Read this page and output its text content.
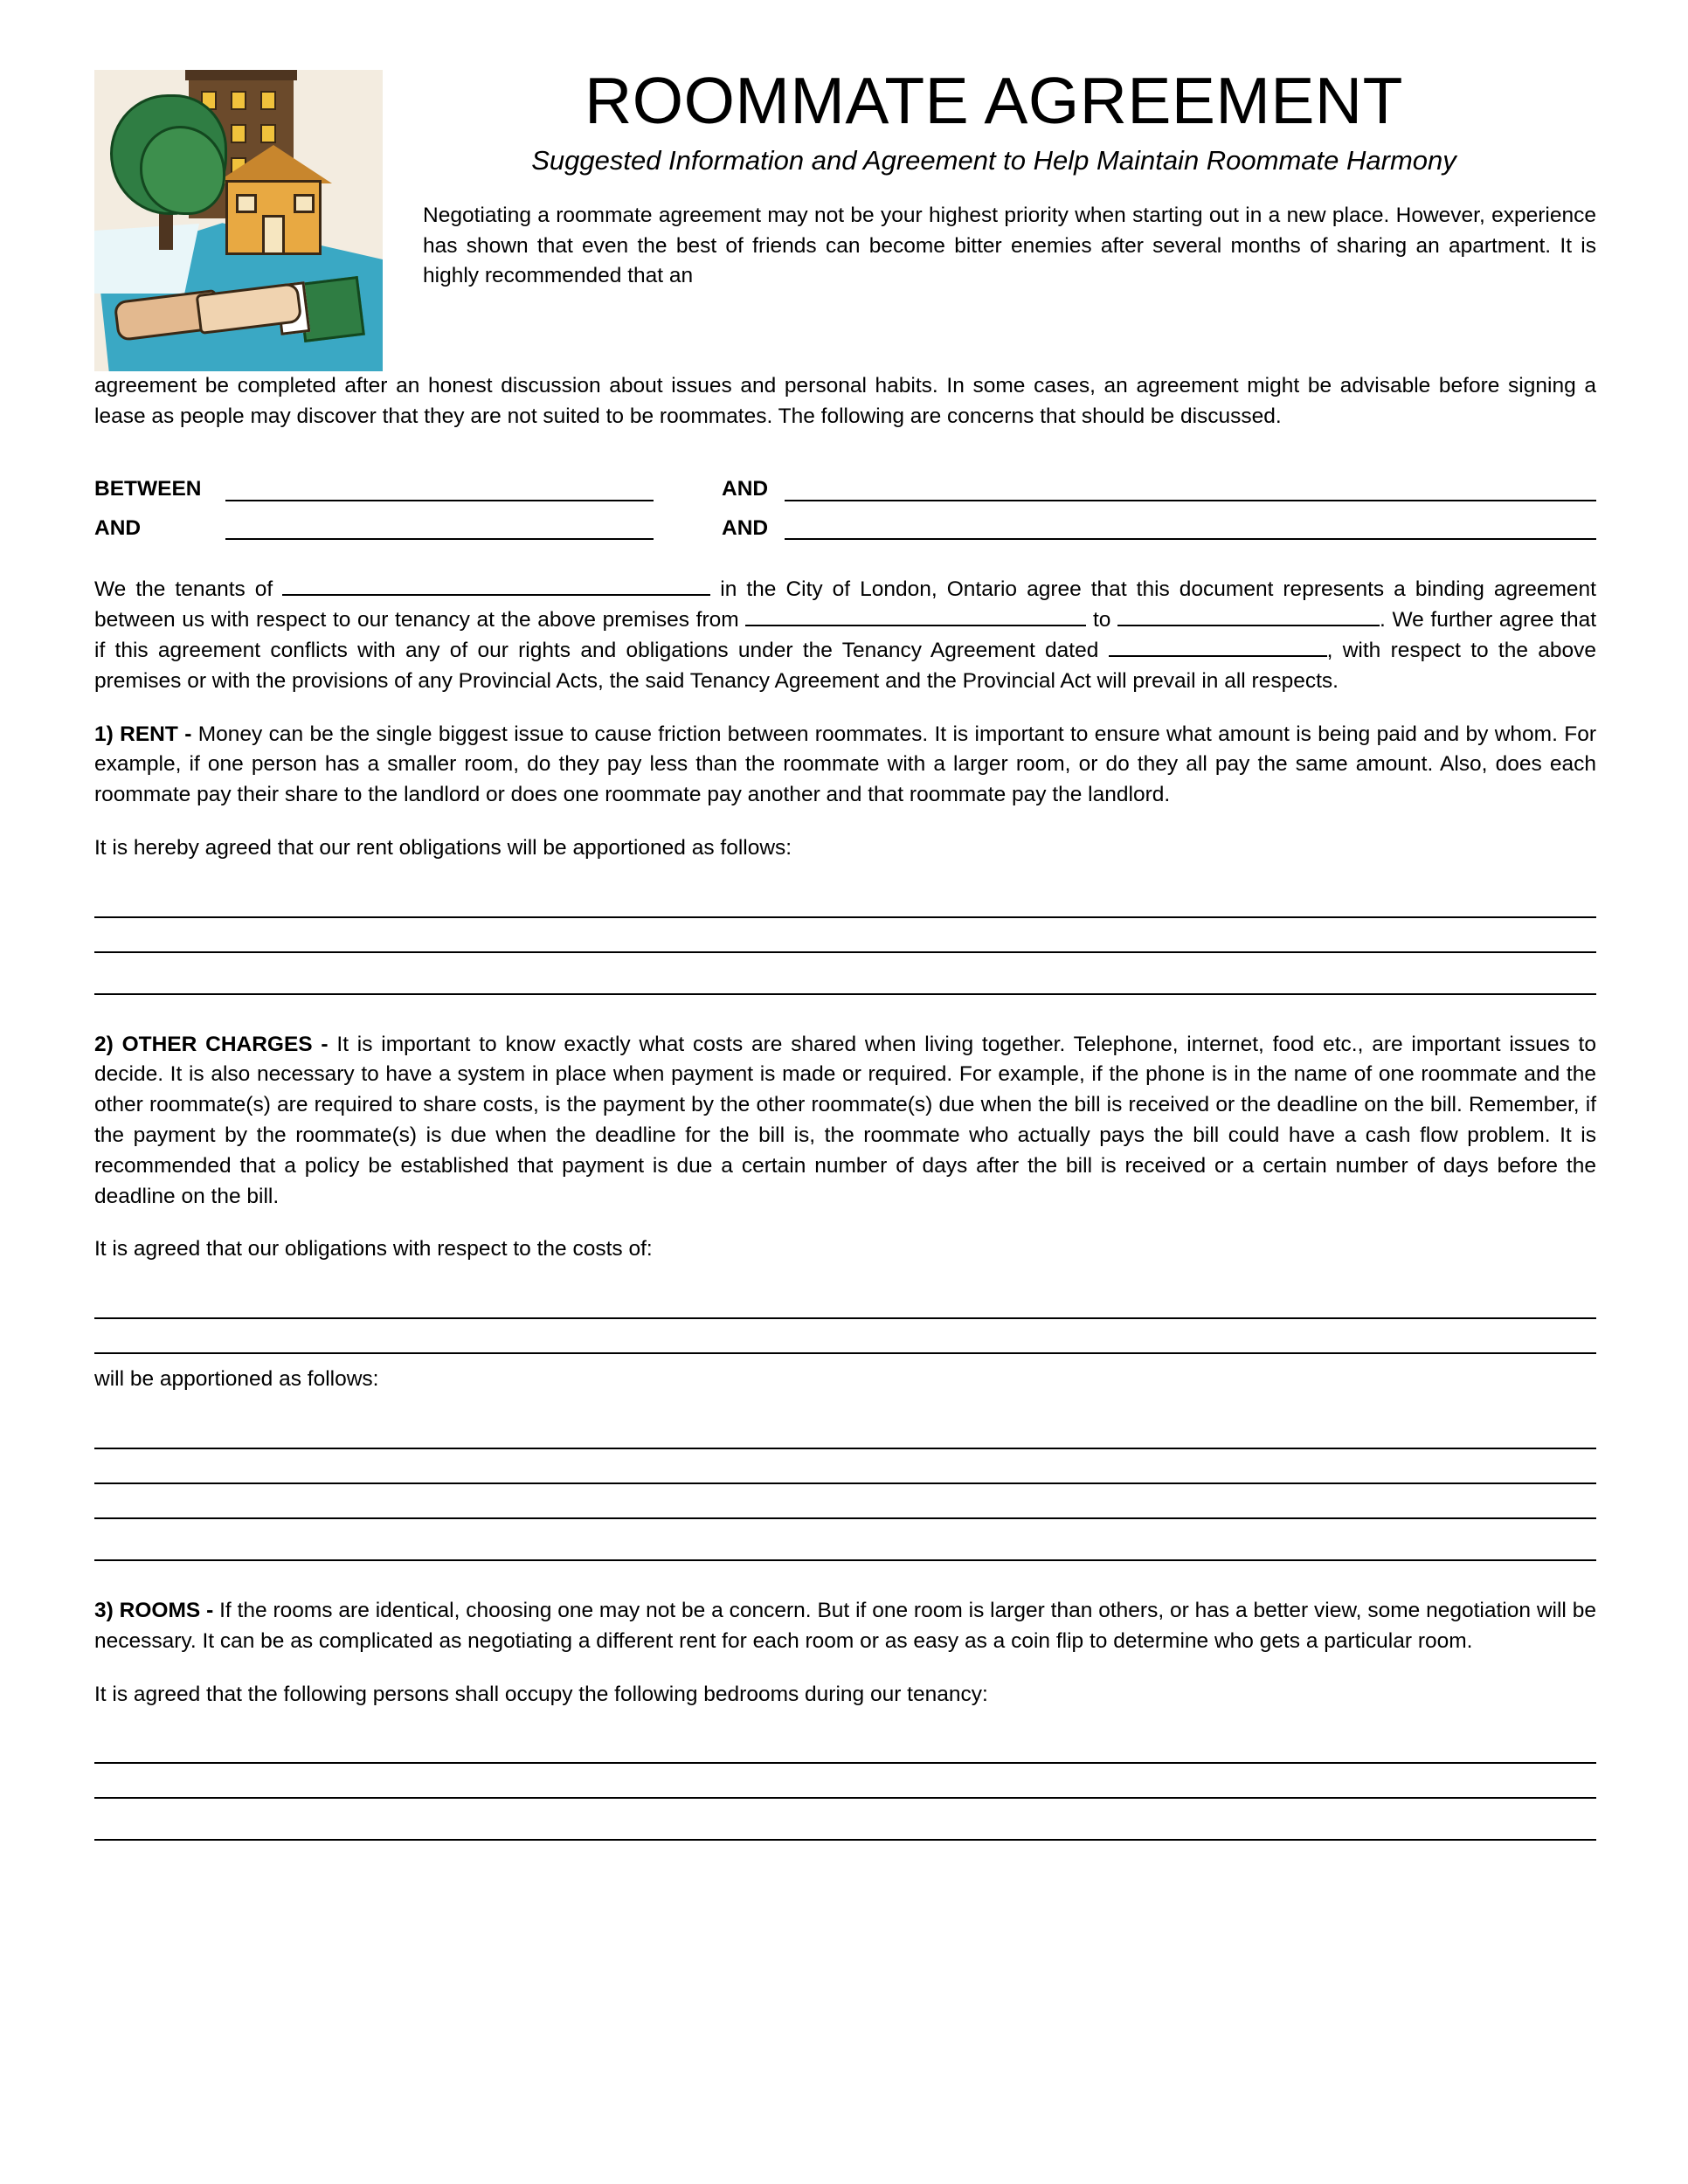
ROOMMATE AGREEMENT
Suggested Information and Agreement to Help Maintain Roommate Harmony

Negotiating a roommate agreement may not be your highest priority when starting out in a new place. However, experience has shown that even the best of friends can become bitter enemies after several months of sharing an apartment. It is highly recommended that an

agreement be completed after an honest discussion about issues and personal habits. In some cases, an agreement might be advisable before signing a lease as people may discover that they are not suited to be roommates. The following are concerns that should be discussed.

BETWEEN	AND
AND	AND

We the tenants of	in the City of London, Ontario agree that this document represents a binding agreement between us with respect to our tenancy at the above premises from	to	. We further agree that if this agreement conflicts with any of our rights and obligations under the Tenancy Agreement dated	, with respect to the above premises or with the provisions of any Provincial Acts, the said Tenancy Agreement and the Provincial Act will prevail in all respects.

1) RENT - Money can be the single biggest issue to cause friction between roommates. It is important to ensure what amount is being paid and by whom. For example, if one person has a smaller room, do they pay less than the roommate with a larger room, or do they all pay the same amount. Also, does each roommate pay their share to the landlord or does one roommate pay another and that roommate pay the landlord.

It is hereby agreed that our rent obligations will be apportioned as follows:

2) OTHER CHARGES - It is important to know exactly what costs are shared when living together. Telephone, internet, food etc., are important issues to decide. It is also necessary to have a system in place when payment is made or required. For example, if the phone is in the name of one roommate and the other roommate(s) are required to share costs, is the payment by the other roommate(s) due when the bill is received or the deadline on the bill. Remember, if the payment by the roommate(s) is due when the deadline for the bill is, the roommate who actually pays the bill could have a cash flow problem. It is recommended that a policy be established that payment is due a certain number of days after the bill is received or a certain number of days before the deadline on the bill.

It is agreed that our obligations with respect to the costs of:

will be apportioned as follows:

3) ROOMS - If the rooms are identical, choosing one may not be a concern. But if one room is larger than others, or has a better view, some negotiation will be necessary. It can be as complicated as negotiating a different rent for each room or as easy as a coin flip to determine who gets a particular room.

It is agreed that the following persons shall occupy the following bedrooms during our tenancy:
